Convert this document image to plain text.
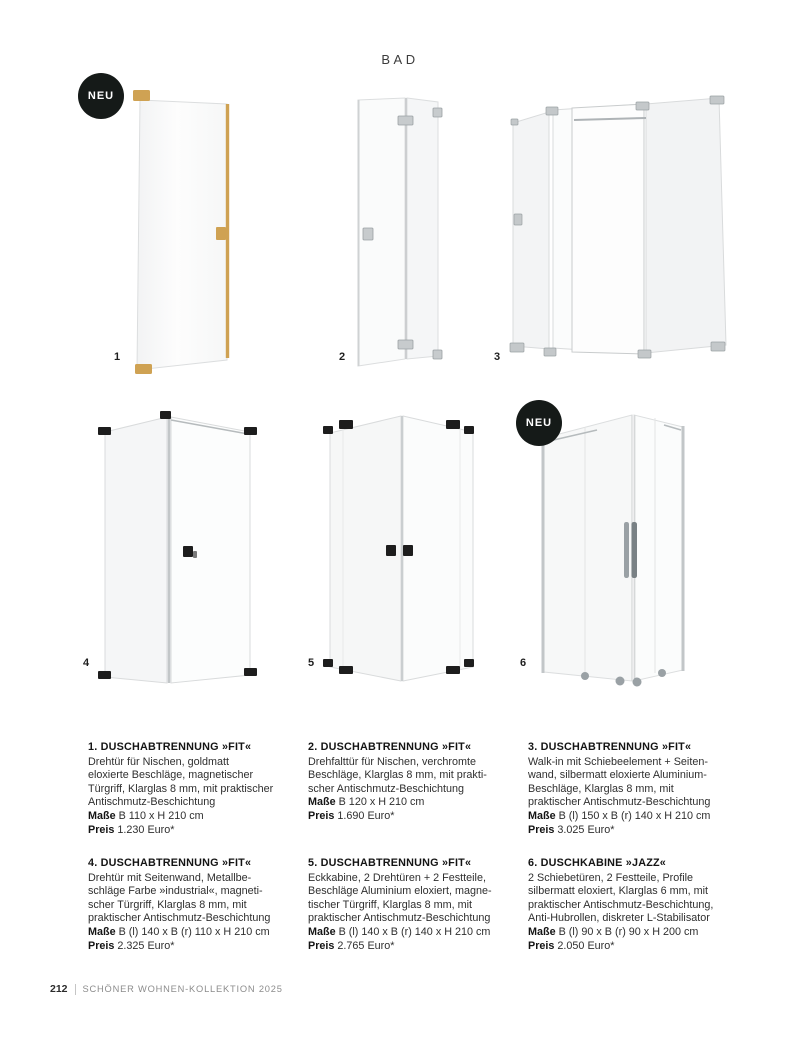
BAD
NEU
NEU
1	2	3
4	5	6
1. DUSCHABTRENNUNG »FIT«
Drehtür für Nischen, goldmatt
eloxierte Beschläge, magnetischer
Türgriff, Klarglas 8 mm, mit praktischer
Antischmutz-Beschichtung
Maße B 110 x H 210 cm
Preis 1.230 Euro*
2. DUSCHABTRENNUNG »FIT«
Drehfalttür für Nischen, verchromte
Beschläge, Klarglas 8 mm, mit prakti-
scher Antischmutz-Beschichtung
Maße B 120 x H 210 cm
Preis 1.690 Euro*
3. DUSCHABTRENNUNG »FIT«
Walk-in mit Schiebeelement + Seiten-
wand, silbermatt eloxierte Aluminium-
Beschläge, Klarglas 8 mm, mit
praktischer Antischmutz-Beschichtung
Maße B (l) 150 x B (r) 140 x H 210 cm
Preis 3.025 Euro*
4. DUSCHABTRENNUNG »FIT«
Drehtür mit Seitenwand, Metallbe-
schläge Farbe »industrial«, magneti-
scher Türgriff, Klarglas 8 mm, mit
praktischer Antischmutz-Beschichtung
Maße B (l) 140 x B (r) 110 x H 210 cm
Preis 2.325 Euro*
5. DUSCHABTRENNUNG »FIT«
Eckkabine, 2 Drehtüren + 2 Festteile,
Beschläge Aluminium eloxiert, magne-
tischer Türgriff, Klarglas 8 mm, mit
praktischer Antischmutz-Beschichtung
Maße B (l) 140 x B (r) 140 x H 210 cm
Preis 2.765 Euro*
6. DUSCHKABINE »JAZZ«
2 Schiebetüren, 2 Festteile, Profile
silbermatt eloxiert, Klarglas 6 mm, mit
praktischer Antischmutz-Beschichtung,
Anti-Hubrollen, diskreter L-Stabilisator
Maße B (l) 90 x B (r) 90 x H 200 cm
Preis 2.050 Euro*
212 SCHÖNER WOHNEN-KOLLEKTION 2025
